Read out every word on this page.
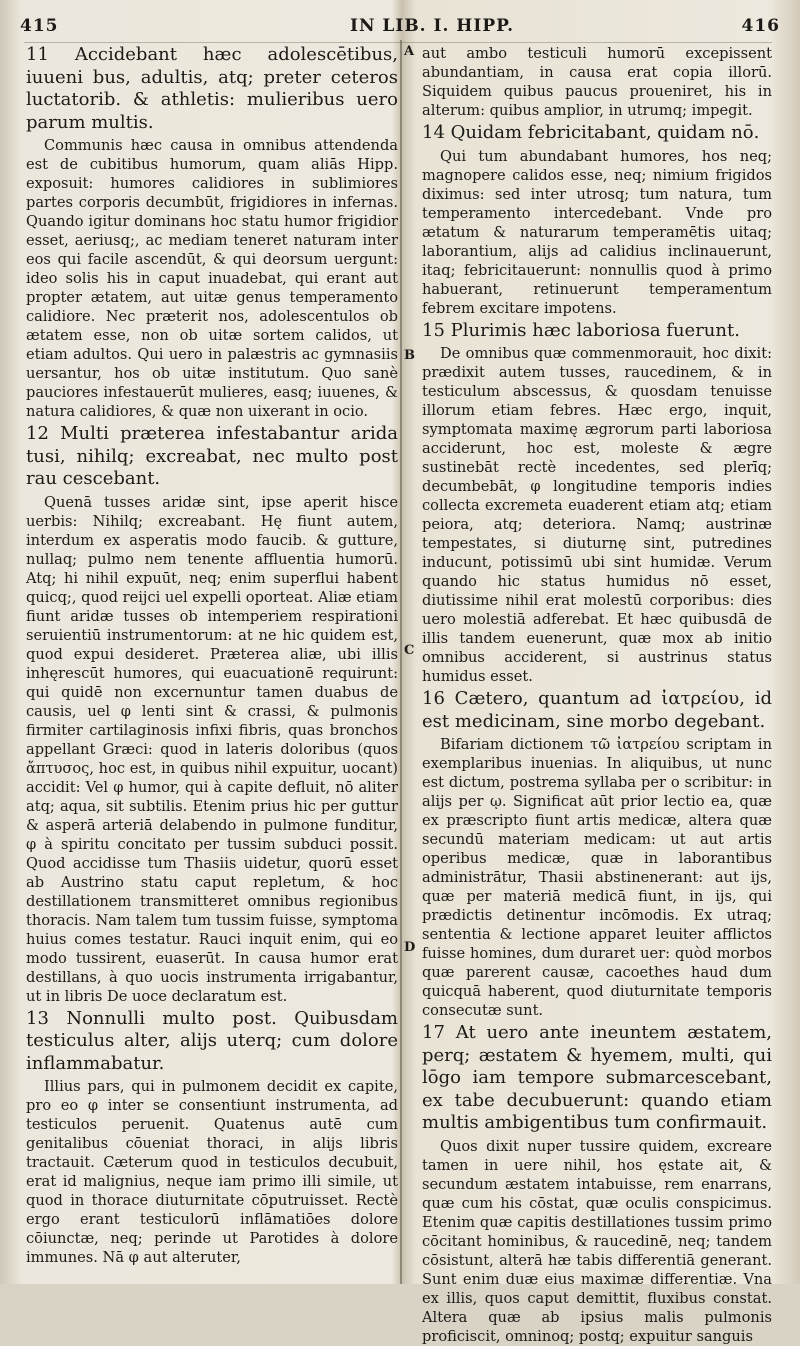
415	IN LIB. I. HIPP.	416
A
B
C
D

11 Accidebant hæc adolescētibus, iuueni bus, adultis, atq; preter ceteros luctatorib. & athletis: mulieribus uero parum multis.

Communis hæc causa in omnibus attendenda est de cubitibus humorum, quam aliās Hipp. exposuit: humores calidiores in sublimiores partes corporis decumbūt, frigidiores in infernas. Quando igitur dominans hoc statu humor frigidior esset, aeriusq;, ac mediam teneret naturam inter eos qui facile ascendūt, & qui deorsum uergunt: ideo solis his in caput inuadebat, qui erant aut propter ætatem, aut uitæ genus temperamento calidiore. Nec præterit nos, adolescentulos ob ætatem esse, non ob uitæ sortem calidos, ut etiam adultos. Qui uero in palæstris ac gymnasiis uersantur, hos ob uitæ institutum. Quo sanè pauciores infestauerūt mulieres, easq; iuuenes, & natura calidiores, & quæ non uixerant in ocio.

12 Multi præterea infestabantur arida tusi, nihilq; excreabat, nec multo post rau cescebant.

Quenā tusses aridæ sint, ipse aperit hisce uerbis: Nihilq; excreabant. Hę fiunt autem, interdum ex asperatis modo faucib. & gutture, nullaq; pulmo nem tenente affluentia humorū. Atq; hi nihil expuūt, neq; enim superflui habent quicq;, quod reijci uel expelli oporteat. Aliæ etiam fiunt aridæ tusses ob intemperiem respirationi seruientiū instrumentorum: at ne hic quidem est, quod expui desideret. Præterea aliæ, ubi illis inhęrescūt humores, qui euacuationē requirunt: qui quidē non excernuntur tamen duabus de causis, uel φ lenti sint & crassi, & pulmonis firmiter cartilaginosis infixi fibris, quas bronchos appellant Græci: quod in lateris doloribus (quos ἄπτυσος, hoc est, in quibus nihil expuitur, uocant) accidit: Vel φ humor, qui à capite defluit, nō aliter atq; aqua, sit subtilis. Etenim prius hic per guttur & asperā arteriā delabendo in pulmone funditur, φ à spiritu concitato per tussim subduci possit. Quod accidisse tum Thasiis uidetur, quorū esset ab Austrino statu caput repletum, & hoc destillationem transmitteret omnibus regionibus thoracis. Nam talem tum tussim fuisse, symptoma huius comes testatur. Rauci inquit enim, qui eo modo tussirent, euaserūt. In causa humor erat destillans, à quo uocis instrumenta irrigabantur, ut in libris De uoce declaratum est.

13 Nonnulli multo post. Quibusdam testiculus alter, alijs uterq; cum dolore inflammabatur.

Illius pars, qui in pulmonem decidit ex capite, pro eo φ inter se consentiunt instrumenta, ad testiculos peruenit. Quatenus autē cum genitalibus cōueniat thoraci, in alijs libris tractauit. Cæterum quod in testiculos decubuit, erat id malignius, neque iam primo illi simile, ut quod in thorace diuturnitate cōputruisset. Rectè ergo erant testiculorū inflāmatiōes dolore cōiunctæ, neq; perinde ut Parotides à dolore immunes. Nā φ aut alteruter,

aut ambo testiculi humorū excepissent abundantiam, in causa erat copia illorū. Siquidem quibus paucus proueniret, his in alterum: quibus amplior, in utrumq; impegit.

14 Quidam febricitabant, quidam nō.

Qui tum abundabant humores, hos neq; magnopere calidos esse, neq; nimium frigidos diximus: sed inter utrosq; tum natura, tum temperamento intercedebant. Vnde pro ætatum & naturarum temperamētis uitaq; laborantium, alijs ad calidius inclinauerunt, itaq; febricitauerunt: nonnullis quod à primo habuerant, retinuerunt temperamentum febrem excitare impotens.

15 Plurimis hæc laboriosa fuerunt.

De omnibus quæ commenmorauit, hoc dixit: prædixit autem tusses, raucedinem, & in testiculum abscessus, & quosdam tenuisse illorum etiam febres. Hæc ergo, inquit, symptomata maximę ægrorum parti laboriosa acciderunt, hoc est, moleste & ægre sustinebāt rectè incedentes, sed plerīq; decumbebāt, φ longitudine temporis indies collecta excremeta euaderent etiam atq; etiam peiora, atq; deteriora. Namq; austrinæ tempestates, si diuturnę sint, putredines inducunt, potissimū ubi sint humidæ. Verum quando hic status humidus nō esset, diutissime nihil erat molestū corporibus: dies uero molestiā adferebat. Et hæc quibusdā de illis tandem euenerunt, quæ mox ab initio omnibus acciderent, si austrinus status humidus esset.

16 Cætero, quantum ad ἰατρείου, id est medicinam, sine morbo degebant.

Bifariam dictionem τῶ ἰατρείου scriptam in exemplaribus inuenias. In aliquibus, ut nunc est dictum, postrema syllaba per ο scribitur: in alijs per ῳ. Significat aūt prior lectio ea, quæ ex præscripto fiunt artis medicæ, altera quæ secundū materiam medicam: ut aut artis operibus medicæ, quæ in laborantibus administrātur, Thasii abstinenerant: aut ijs, quæ per materiā medicā fiunt, in ijs, qui prædictis detinentur incōmodis. Ex utraq; sententia & lectione apparet leuiter afflictos fuisse homines, dum duraret uer: quòd morbos quæ parerent causæ, cacoethes haud dum quicquā haberent, quod diuturnitate temporis consecutæ sunt.

17 At uero ante ineuntem æstatem, perq; æstatem & hyemem, multi, qui lōgo iam tempore submarcescebant, ex tabe decubuerunt: quando etiam multis ambigentibus tum confirmauit.

Quos dixit nuper tussire quidem, excreare tamen in uere nihil, hos ęstate ait, & secundum æstatem intabuisse, rem enarrans, quæ cum his cōstat, quæ oculis conspicimus. Etenim quæ capitis destillationes tussim primo cōcitant hominibus, & raucedinē, neq; tandem cōsistunt, alterā hæ tabis differentiā generant. Sunt enim duæ eius maximæ differentiæ. Vna ex illis, quos caput demittit, fluxibus constat. Altera quæ ab ipsius malis pulmonis proficiscit, omninoq; postq; expuitur sanguis
